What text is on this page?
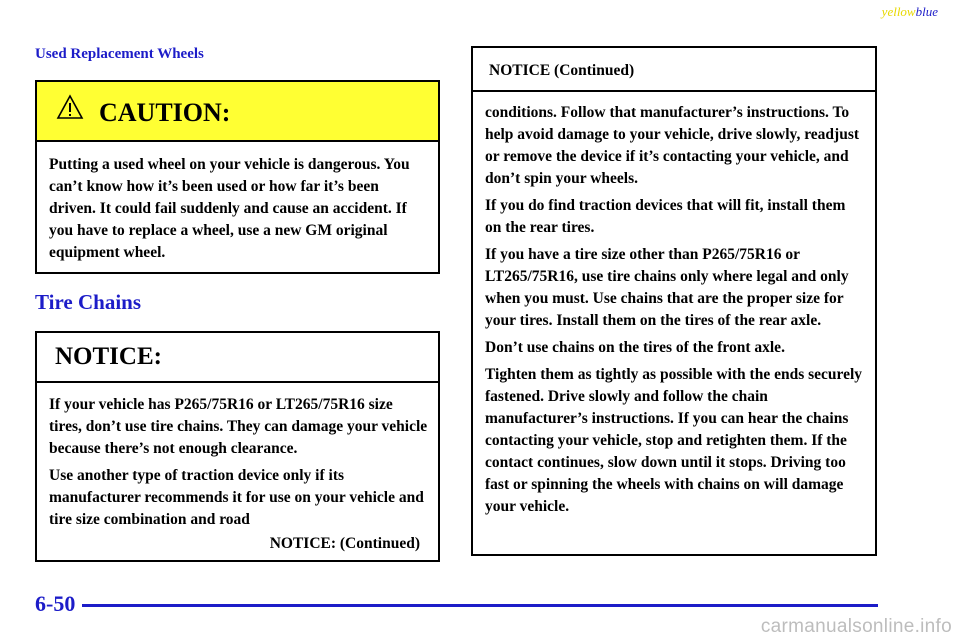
yellowblue
Used Replacement Wheels
CAUTION:
Putting a used wheel on your vehicle is dangerous. You can’t know how it’s been used or how far it’s been driven. It could fail suddenly and cause an accident. If you have to replace a wheel, use a new GM original equipment wheel.
Tire Chains
NOTICE:

If your vehicle has P265/75R16 or LT265/75R16 size tires, don’t use tire chains. They can damage your vehicle because there’s not enough clearance.

Use another type of traction device only if its manufacturer recommends it for use on your vehicle and tire size combination and road

NOTICE: (Continued)
NOTICE (Continued)

conditions. Follow that manufacturer’s instructions. To help avoid damage to your vehicle, drive slowly, readjust or remove the device if it’s contacting your vehicle, and don’t spin your wheels.

If you do find traction devices that will fit, install them on the rear tires.

If you have a tire size other than P265/75R16 or LT265/75R16, use tire chains only where legal and only when you must. Use chains that are the proper size for your tires. Install them on the tires of the rear axle.

Don’t use chains on the tires of the front axle.

Tighten them as tightly as possible with the ends securely fastened. Drive slowly and follow the chain manufacturer’s instructions. If you can hear the chains contacting your vehicle, stop and retighten them. If the contact continues, slow down until it stops. Driving too fast or spinning the wheels with chains on will damage your vehicle.

6-50
carmanualsonline.info
